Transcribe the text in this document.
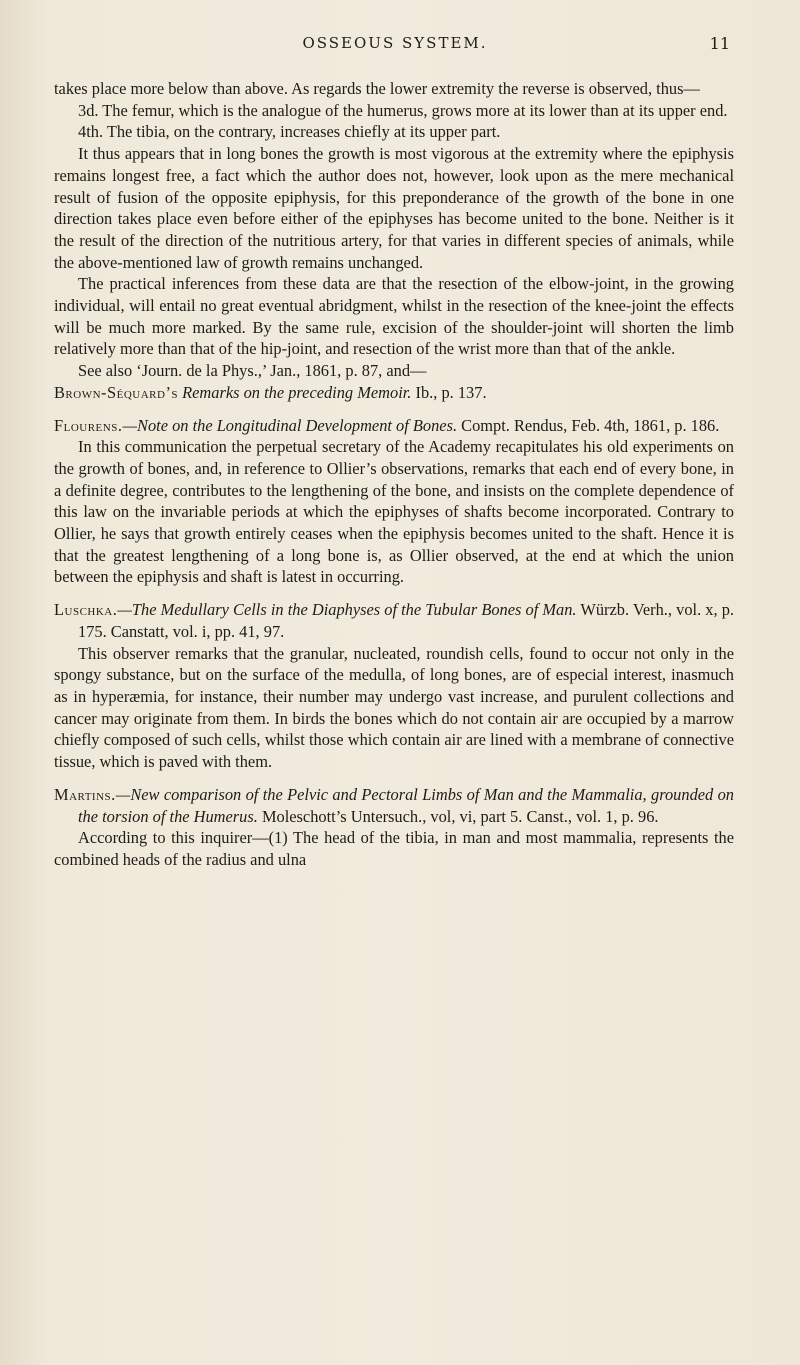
OSSEOUS SYSTEM.	11

takes place more below than above. As regards the lower extremity the reverse is observed, thus—

3d. The femur, which is the analogue of the humerus, grows more at its lower than at its upper end.

4th. The tibia, on the contrary, increases chiefly at its upper part.

It thus appears that in long bones the growth is most vigorous at the extremity where the epiphysis remains longest free, a fact which the author does not, however, look upon as the mere mechanical result of fusion of the opposite epiphysis, for this preponderance of the growth of the bone in one direction takes place even before either of the epiphyses has become united to the bone. Neither is it the result of the direction of the nutritious artery, for that varies in different species of animals, while the above-mentioned law of growth remains unchanged.

The practical inferences from these data are that the resection of the elbow-joint, in the growing individual, will entail no great eventual abridgment, whilst in the resection of the knee-joint the effects will be much more marked. By the same rule, excision of the shoulder-joint will shorten the limb relatively more than that of the hip-joint, and resection of the wrist more than that of the ankle.

See also ‘Journ. de la Phys.,’ Jan., 1861, p. 87, and—

Brown-Séquard’s Remarks on the preceding Memoir. Ib., p. 137.

Flourens.—Note on the Longitudinal Development of Bones. Compt. Rendus, Feb. 4th, 1861, p. 186.

In this communication the perpetual secretary of the Academy recapitulates his old experiments on the growth of bones, and, in reference to Ollier’s observations, remarks that each end of every bone, in a definite degree, contributes to the lengthening of the bone, and insists on the complete dependence of this law on the invariable periods at which the epiphyses of shafts become incorporated. Contrary to Ollier, he says that growth entirely ceases when the epiphysis becomes united to the shaft. Hence it is that the greatest lengthening of a long bone is, as Ollier observed, at the end at which the union between the epiphysis and shaft is latest in occurring.

Luschka.—The Medullary Cells in the Diaphyses of the Tubular Bones of Man. Würzb. Verh., vol. x, p. 175. Canstatt, vol. i, pp. 41, 97.

This observer remarks that the granular, nucleated, roundish cells, found to occur not only in the spongy substance, but on the surface of the medulla, of long bones, are of especial interest, inasmuch as in hyperæmia, for instance, their number may undergo vast increase, and purulent collections and cancer may originate from them. In birds the bones which do not contain air are occupied by a marrow chiefly composed of such cells, whilst those which contain air are lined with a membrane of connective tissue, which is paved with them.

Martins.—New comparison of the Pelvic and Pectoral Limbs of Man and the Mammalia, grounded on the torsion of the Humerus. Moleschott’s Untersuch., vol, vi, part 5. Canst., vol. 1, p. 96.

According to this inquirer—(1) The head of the tibia, in man and most mammalia, represents the combined heads of the radius and ulna
